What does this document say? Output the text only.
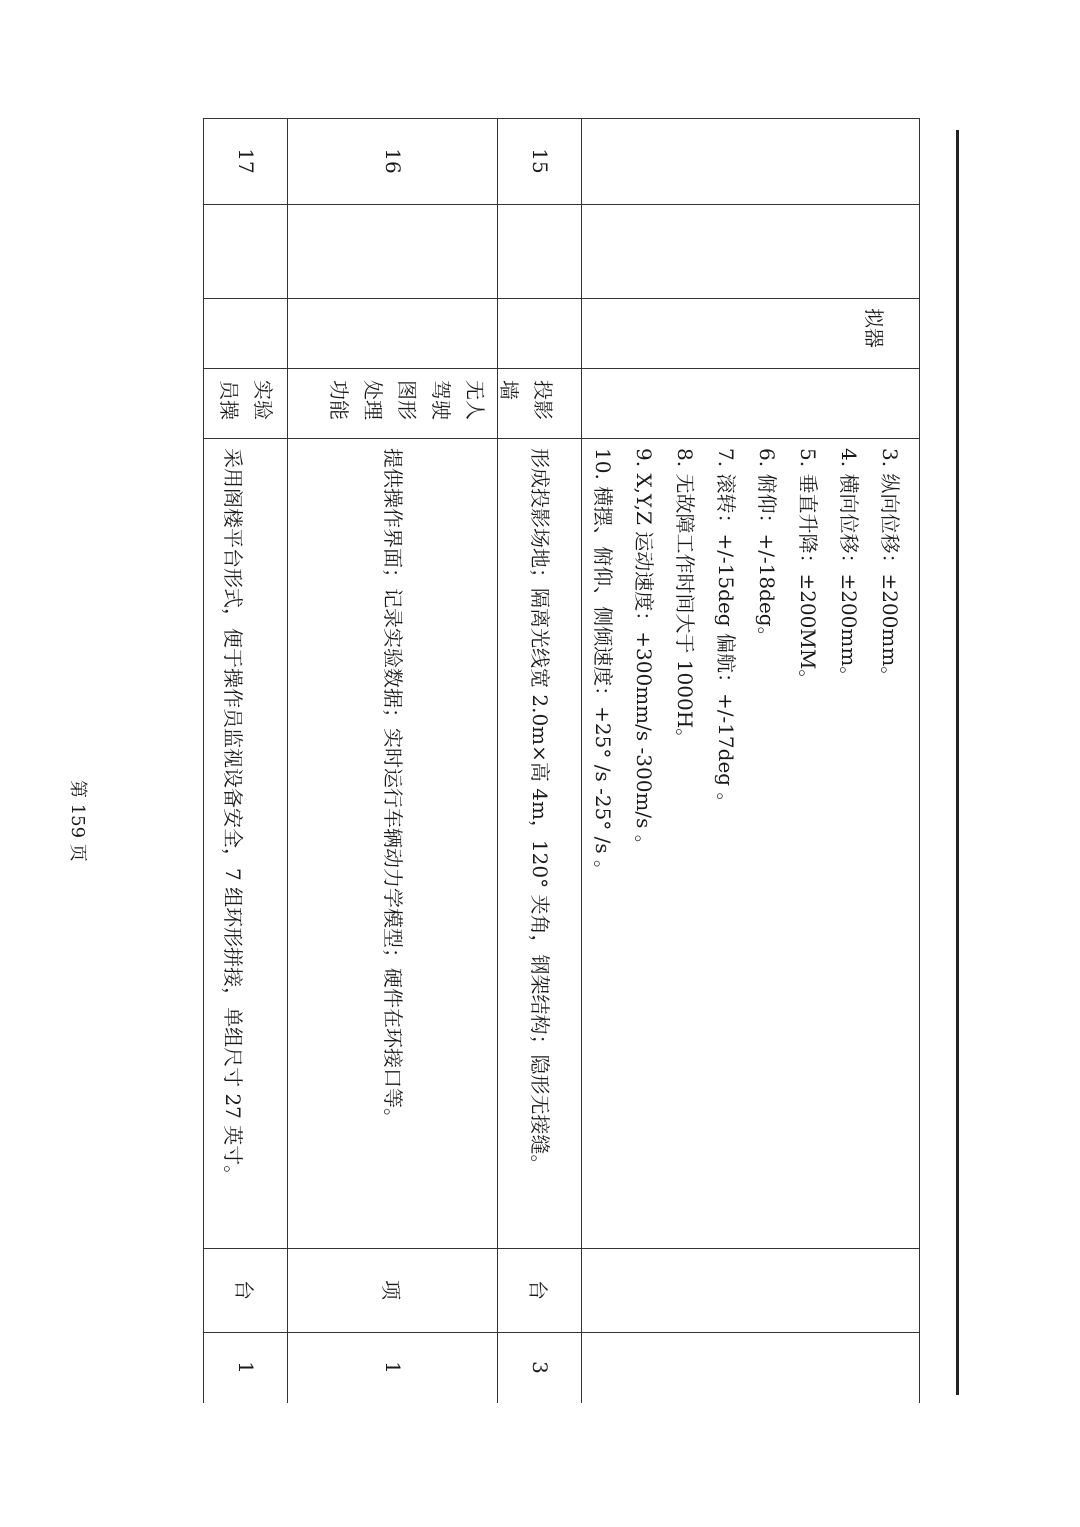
拟器
3. 纵向位移：±200mm。
4. 横向位移：±200mm。
5. 垂直升降：±200MM。
6. 俯仰：+/-18deg。
7. 滚转：+/-15deg 偏航：+/-17deg 。
8. 无故障工作时间大于 1000H。
9. X,Y,Z 运动速度：+300mm/s -300m/s 。
10. 横摆、俯仰、侧倾速度：+25° /s -25° /s 。
15
投影
墙
形成投影场地；隔离光线宽 2.0m×高 4m，120° 夹角，钢架结构；隐形无接缝。
台
3
16
无人
驾驶
图形
处理
功能
提供操作界面；记录实验数据；实时运行车辆动力学模型；硬件在环接口等。
项
1
17
实验
员操
采用阁楼平台形式，便于操作员监视设备安全，7 组环形拼接，单组尺寸 27 英寸。
台
1
第 159 页
